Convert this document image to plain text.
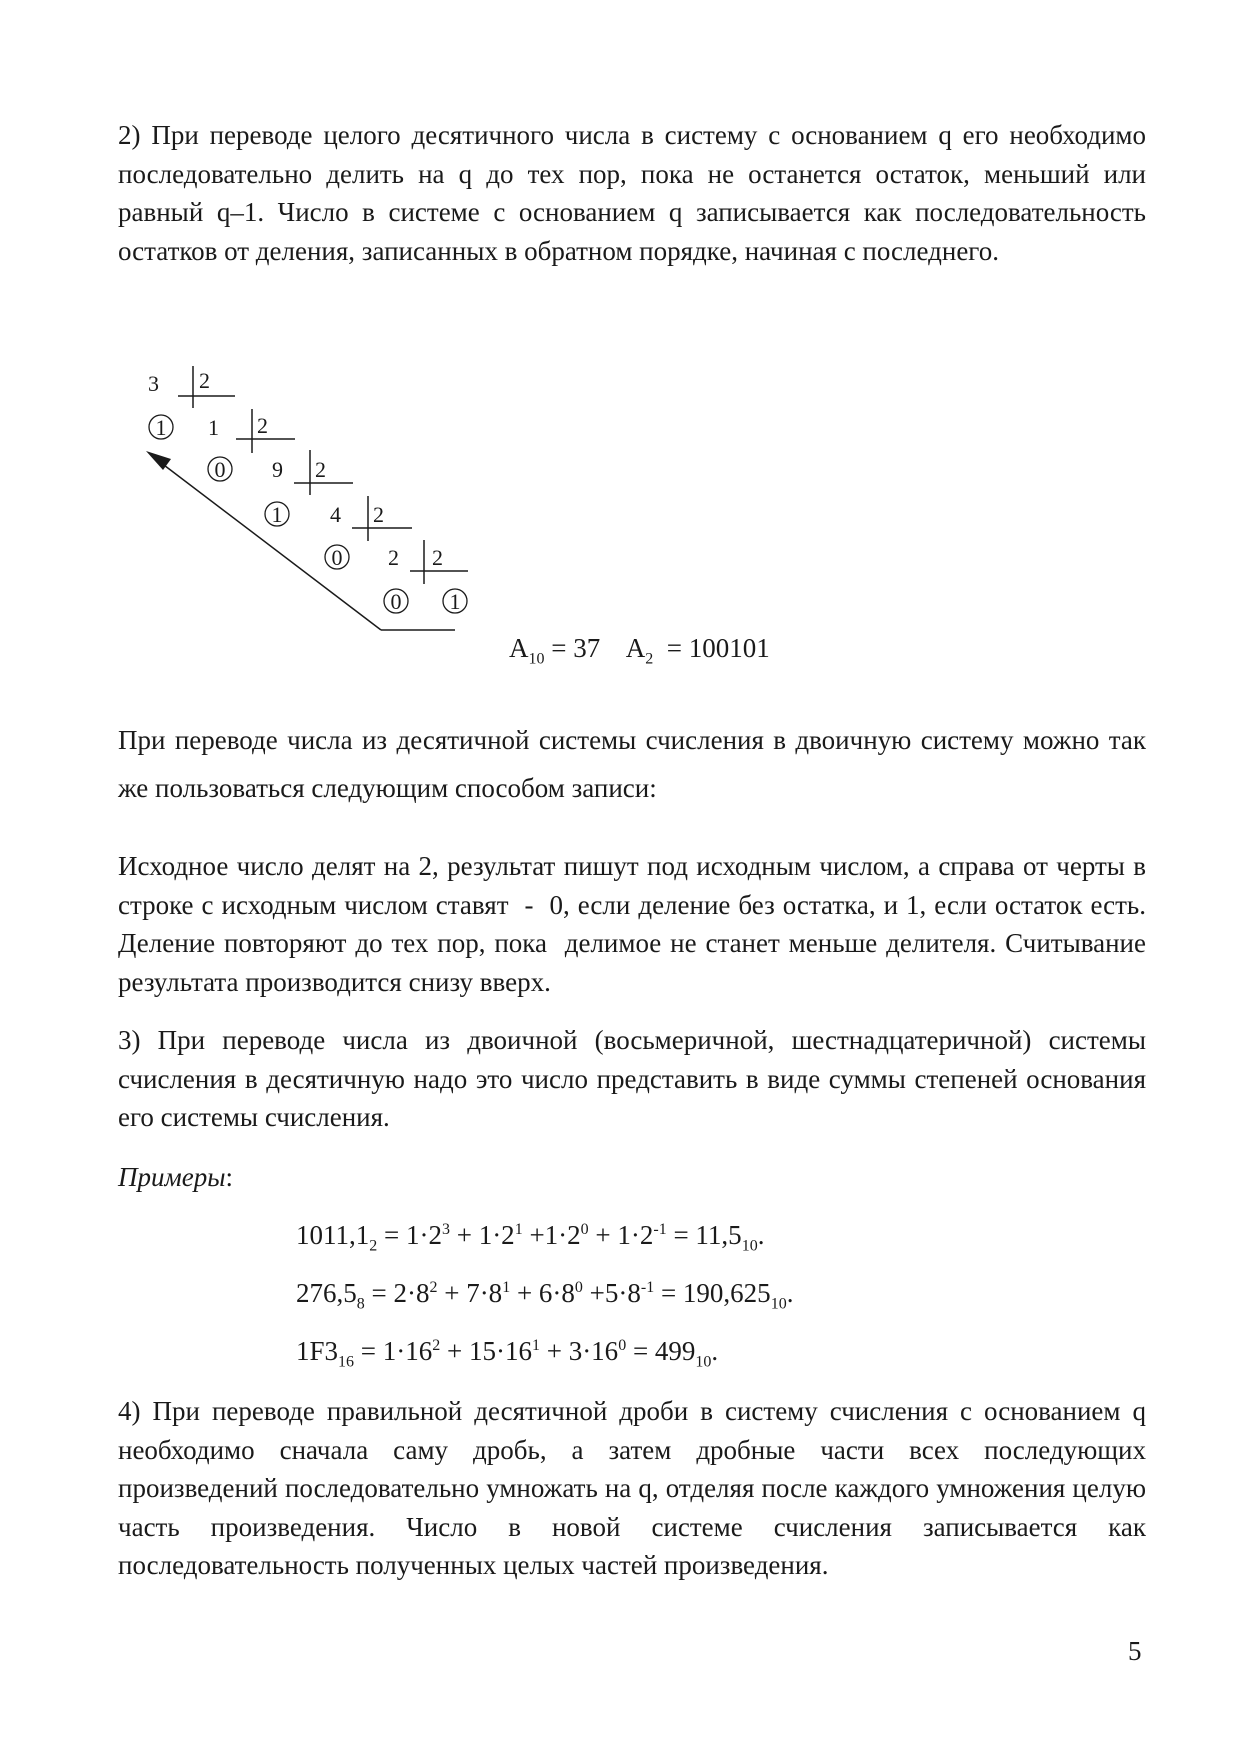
2) При переводе целого десятичного числа в систему с основанием q его необходимо последовательно делить на q до тех пор, пока не останется остаток, меньший или равный q–1. Число в системе с основанием q записывается как последовательность остатков от деления, записанных в обратном порядке, начиная с последнего.

3 2
1 1 2
0 9 2
1 4 2
0 2 2
0 1
$A_{10} = 37$ $A_2 = 100101$

При переводе числа из десятичной системы счисления в двоичную систему можно так же пользоваться следующим способом записи:

Исходное число делят на 2, результат пишут под исходным числом, а справа от черты в строке с исходным числом ставят  -  0, если деление без остатка, и 1, если остаток есть. Деление повторяют до тех пор, пока  делимое не станет меньше делителя. Считывание результата производится снизу вверх.

3) При переводе числа из двоичной (восьмеричной, шестнадцатеричной) системы счисления в десятичную надо это число представить в виде суммы степеней основания его системы счисления.

Примеры:
$1011,1_2 = 1\cdot 2^3 + 1\cdot 2^1 +1\cdot 2^0 + 1\cdot 2^{-1} = 11,5_{10}$.
$276,5_8 = 2\cdot 8^2 + 7\cdot 8^1 + 6\cdot 8^0 +5\cdot 8^{-1} = 190,625_{10}$.
$1F3_{16} = 1\cdot 16^2 + 15\cdot 16^1 + 3\cdot 16^0 = 499_{10}$.

4) При переводе правильной десятичной дроби в систему счисления с основанием q необходимо сначала саму дробь, а затем дробные части всех последующих произведений последовательно умножать на q, отделяя после каждого умножения целую часть произведения. Число в новой системе счисления записывается как последовательность полученных целых частей произведения.

5
